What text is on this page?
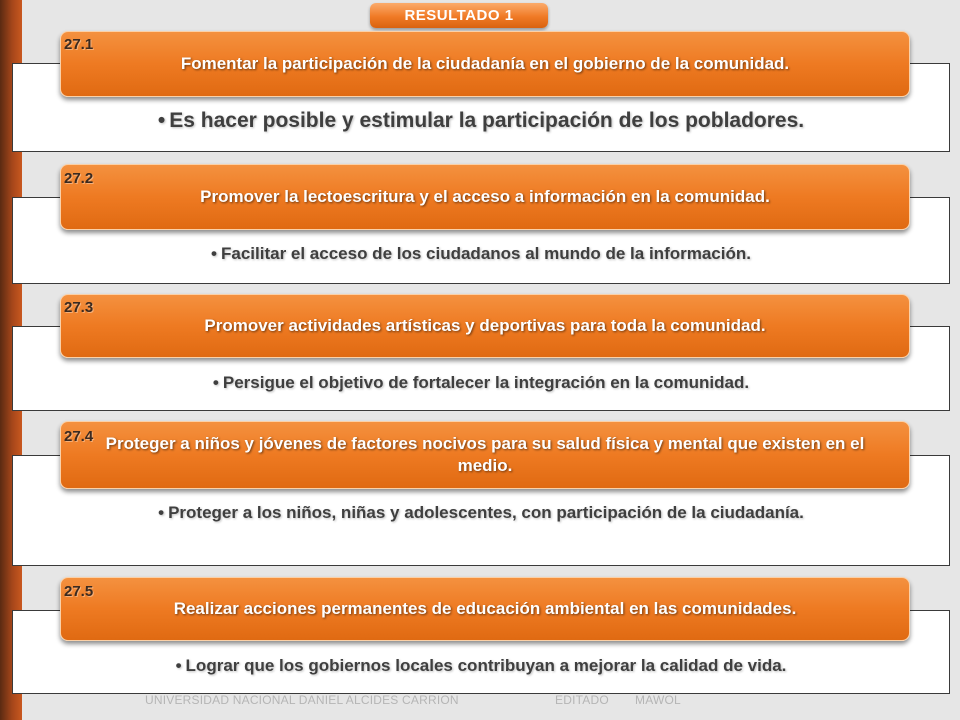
RESULTADO 1
Fomentar la participación de la ciudadanía en el gobierno de la comunidad.
27.1
• Es hacer posible y estimular la participación de los pobladores.
Promover la lectoescritura y el acceso a información en la comunidad.
27.2
• Facilitar el acceso de los ciudadanos al mundo de la información.
Promover actividades artísticas y deportivas para toda la comunidad.
27.3
• Persigue el objetivo de fortalecer la integración en la comunidad.
Proteger a niños y jóvenes de factores nocivos para su salud física y mental que existen en el medio.
27.4
• Proteger a los niños, niñas y adolescentes, con participación de la ciudadanía.
Realizar acciones permanentes de educación ambiental en las comunidades.
27.5
• Lograr que los gobiernos locales contribuyan a mejorar la calidad de vida.
UNIVERSIDAD NACIONAL DANIEL ALCIDES CARRION	EDITADO MAWOL
